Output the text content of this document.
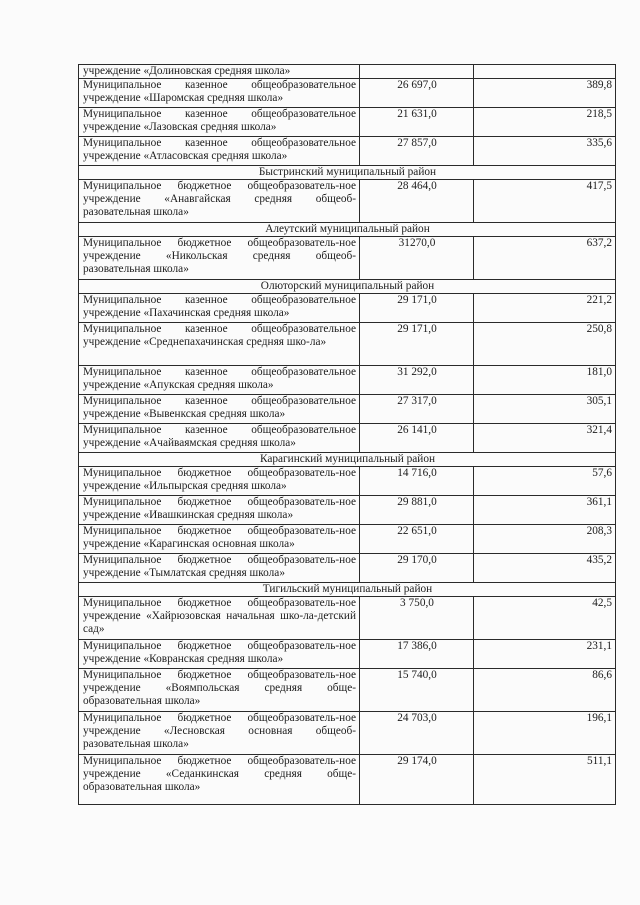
учреждение «Долиновская средняя школа»		
Муниципальное казенное общеобразовательное учреждение «Шаромская средняя школа»	26 697,0	389,8
Муниципальное казенное общеобразовательное учреждение «Лазовская средняя школа»	21 631,0	218,5
Муниципальное казенное общеобразовательное учреждение «Атласовская средняя школа»	27 857,0	335,6
Быстринский муниципальный район		
Муниципальное бюджетное общеобразователь-ное учреждение «Анавгайская средняя общеоб-разовательная школа»	28 464,0	417,5
Алеутский муниципальный район		
Муниципальное бюджетное общеобразователь-ное учреждение «Никольская средняя общеоб-разовательная школа»	31270,0	637,2
Олюторский муниципальный район		
Муниципальное казенное общеобразовательное учреждение «Пахачинская средняя школа»	29 171,0	221,2
Муниципальное казенное общеобразовательное учреждение «Среднепахачинская средняя шко-ла»	29 171,0	250,8
Муниципальное казенное общеобразовательное учреждение «Апукская средняя школа»	31 292,0	181,0
Муниципальное казенное общеобразовательное учреждение «Вывенкская средняя школа»	27 317,0	305,1
Муниципальное казенное общеобразовательное учреждение «Ачайваямская средняя школа»	26 141,0	321,4
Карагинский муниципальный район		
Муниципальное бюджетное общеобразователь-ное учреждение «Ильпырская средняя школа»	14 716,0	57,6
Муниципальное бюджетное общеобразователь-ное учреждение «Ивашкинская средняя школа»	29 881,0	361,1
Муниципальное бюджетное общеобразователь-ное учреждение «Карагинская основная школа»	22 651,0	208,3
Муниципальное бюджетное общеобразователь-ное учреждение «Тымлатская средняя школа»	29 170,0	435,2
Тигильский муниципальный район		
Муниципальное бюджетное общеобразователь-ное учреждение «Хайрюзовская начальная шко-ла-детский сад»	3 750,0	42,5
Муниципальное бюджетное общеобразователь-ное учреждение «Ковранская средняя школа»	17 386,0	231,1
Муниципальное бюджетное общеобразователь-ное учреждение «Воямпольская средняя обще-образовательная школа»	15 740,0	86,6
Муниципальное бюджетное общеобразователь-ное учреждение «Лесновская основная общеоб-разовательная школа»	24 703,0	196,1
Муниципальное бюджетное общеобразователь-ное учреждение «Седанкинская средняя обще-образовательная школа»	29 174,0	511,1
